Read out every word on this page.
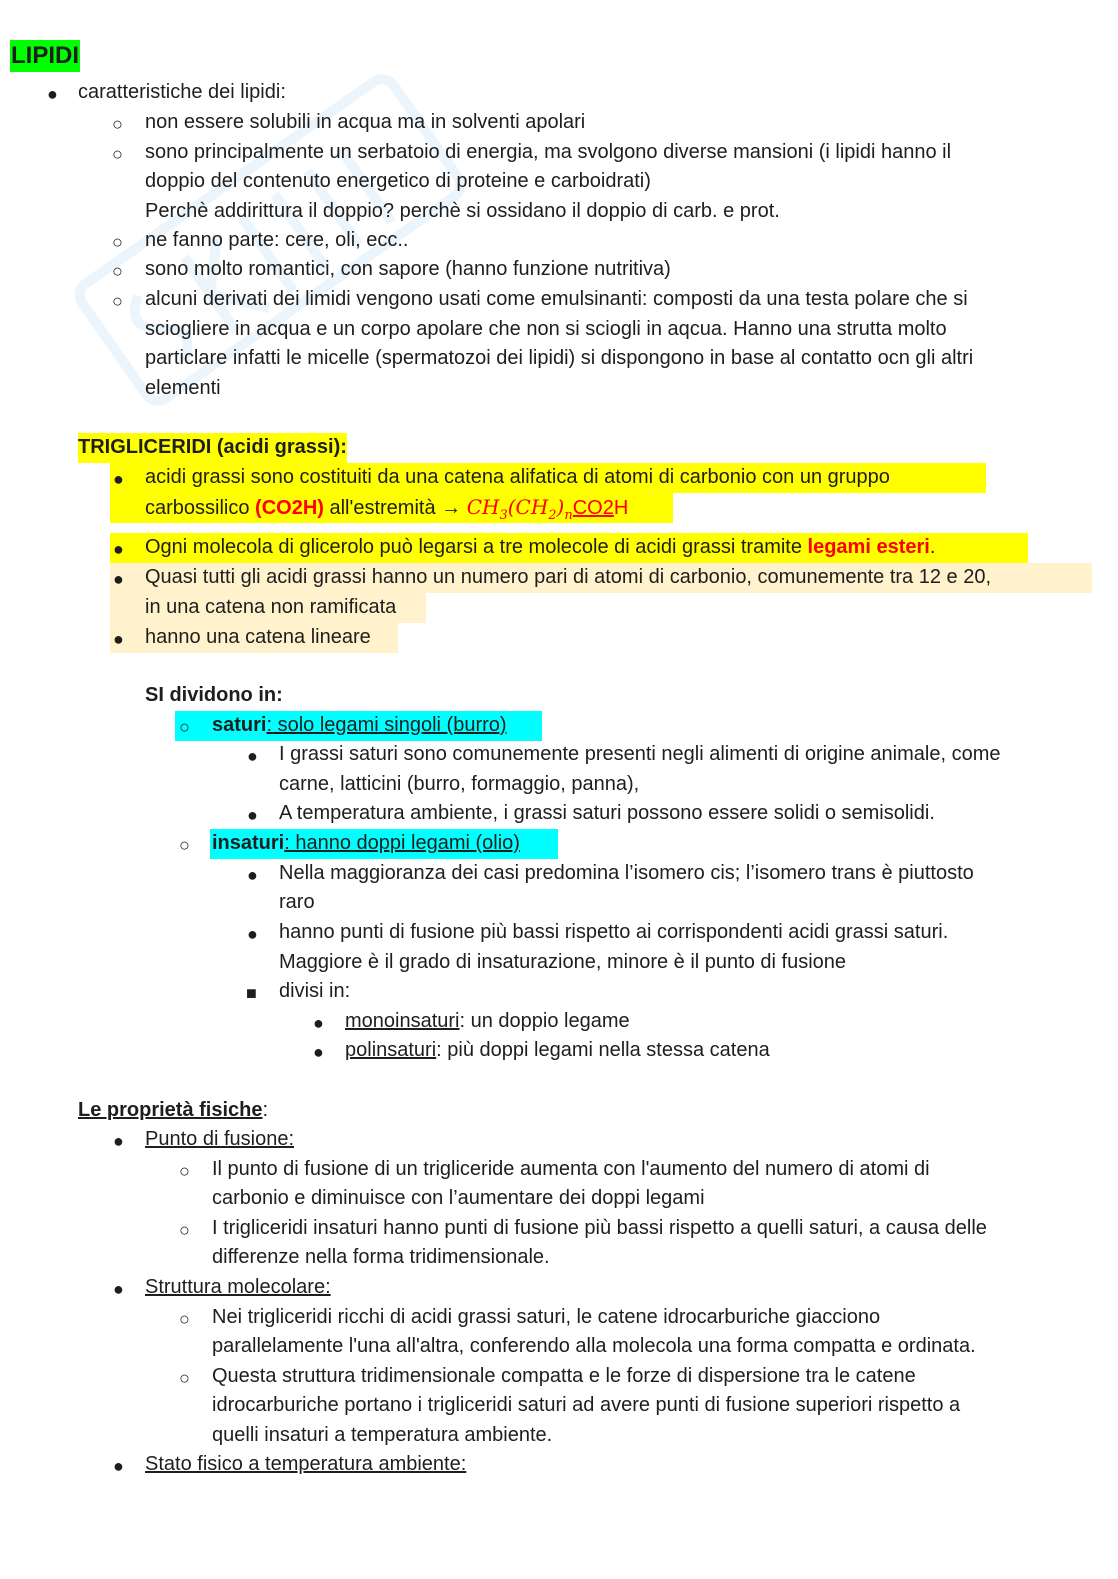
LIPIDI
● caratteristiche dei lipidi:
○ non essere solubili in acqua ma in solventi apolari
○ sono principalmente un serbatoio di energia, ma svolgono diverse mansioni (i lipidi hanno il
doppio del contenuto energetico di proteine e carboidrati)
Perchè addirittura il doppio? perchè si ossidano il doppio di carb. e prot.
○ ne fanno parte: cere, oli, ecc..
○ sono molto romantici, con sapore (hanno funzione nutritiva)
○ alcuni derivati dei limidi vengono usati come emulsinanti: composti da una testa polare che si
sciogliere in acqua e un corpo apolare che non si sciogli in aqcua. Hanno una strutta molto
particlare infatti le micelle (spermatozoi dei lipidi) si dispongono in base al contatto ocn gli altri
elementi
TRIGLICERIDI (acidi grassi):
● acidi grassi sono costituiti da una catena alifatica di atomi di carbonio con un gruppo
carbossilico (CO2H) all'estremità → $CH_3(CH_2)_nCO2H$
● Ogni molecola di glicerolo può legarsi a tre molecole di acidi grassi tramite legami esteri.
● Quasi tutti gli acidi grassi hanno un numero pari di atomi di carbonio, comunemente tra 12 e 20,
in una catena non ramificata
● hanno una catena lineare
SI dividono in:
○ saturi: solo legami singoli (burro)
● I grassi saturi sono comunemente presenti negli alimenti di origine animale, come
carne, latticini (burro, formaggio, panna),
● A temperatura ambiente, i grassi saturi possono essere solidi o semisolidi.
○ insaturi: hanno doppi legami (olio)
● Nella maggioranza dei casi predomina l’isomero cis; l’isomero trans è piuttosto
raro
● hanno punti di fusione più bassi rispetto ai corrispondenti acidi grassi saturi.
Maggiore è il grado di insaturazione, minore è il punto di fusione
■ divisi in:
● monoinsaturi: un doppio legame
● polinsaturi: più doppi legami nella stessa catena
Le proprietà fisiche:
● Punto di fusione:
○ Il punto di fusione di un trigliceride aumenta con l'aumento del numero di atomi di
carbonio e diminuisce con l’aumentare dei doppi legami
○ I trigliceridi insaturi hanno punti di fusione più bassi rispetto a quelli saturi, a causa delle
differenze nella forma tridimensionale.
● Struttura molecolare:
○ Nei trigliceridi ricchi di acidi grassi saturi, le catene idrocarburiche giacciono
parallelamente l'una all'altra, conferendo alla molecola una forma compatta e ordinata.
○ Questa struttura tridimensionale compatta e le forze di dispersione tra le catene
idrocarburiche portano i trigliceridi saturi ad avere punti di fusione superiori rispetto a
quelli insaturi a temperatura ambiente.
● Stato fisico a temperatura ambiente:
